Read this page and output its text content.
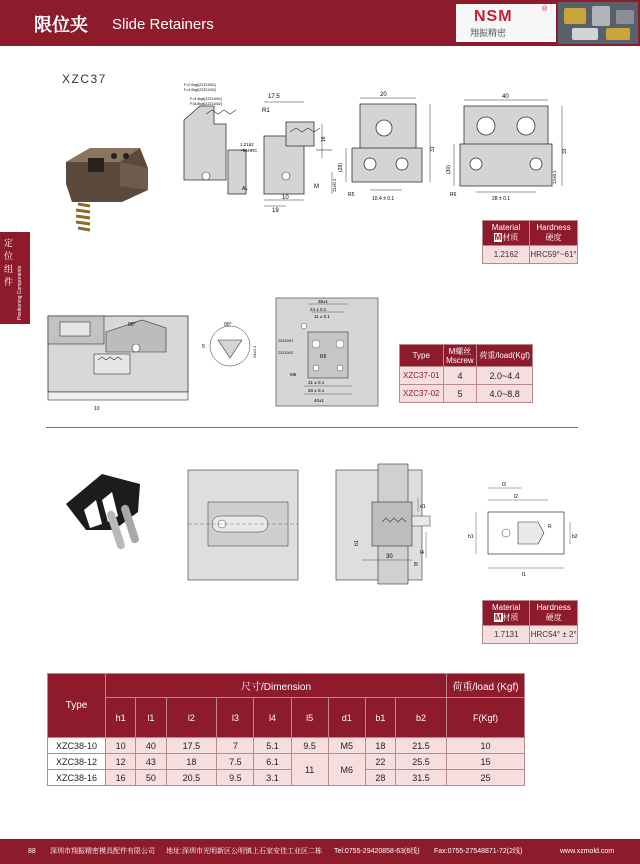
限位夹 Slide Retainers	NSM	®
翔振精密
定位组件 Positioning Components
XZC37
17.5
R1
F=2.0kgf(ZZZ10/01)
F=4.0kgf(ZZZ10/02)
F=4.4kgf(ZZZ10/01)
F=8.8kgf(ZZZ10/02)
1.2162
~56HRC
AL	M
10
19
16
11±0.1
20
10.4 ± 0.1
(28)
31
R5
40
28 ± 0.1
(30)
33
12±0.1
R6
Material
M材质	Hardness
硬度
1.2162	HRC59°~61°
90°
10
90°
5	24±0.1
38±1
24 ± 0.1
11 ± 0.1
31 ± 0.1
28 ± 0.1
40±1
R5
M6
ZZZ10/01
ZZZ10/02	Type	M螺丝
Mscrew	荷重/load(Kgf)
XZC37-01	4	2.0~4.4
XZC37-02	5	4.0~8.8
30
d1
l4
l5
b1
l3
l2
l1
h1
R
b2
Material
M材质	Hardness
硬度
1.7131	HRC54° ± 2°
Type	尺寸/Dimension									荷重/load (Kgf)
	h1	l1	l2	l3	l4	l5	d1	b1	b2	F(Kgf)
XZC38-10	10	40	17.5	7	5.1	9.5	M5	18	21.5	10
XZC38-12	12	43	18	7.5	6.1	11	M6	22	25.5	15
XZC38-16	16	50	20.5	9.5	3.1			28	31.5	25
88 深圳市翔振精密模具配件有限公司 地址:深圳市光明新区公明镇上石家安佳工业区二栋 Tel:0755-29420858-63(6线) Fax:0755-27548871-72(2线)	www.xzmold.com
